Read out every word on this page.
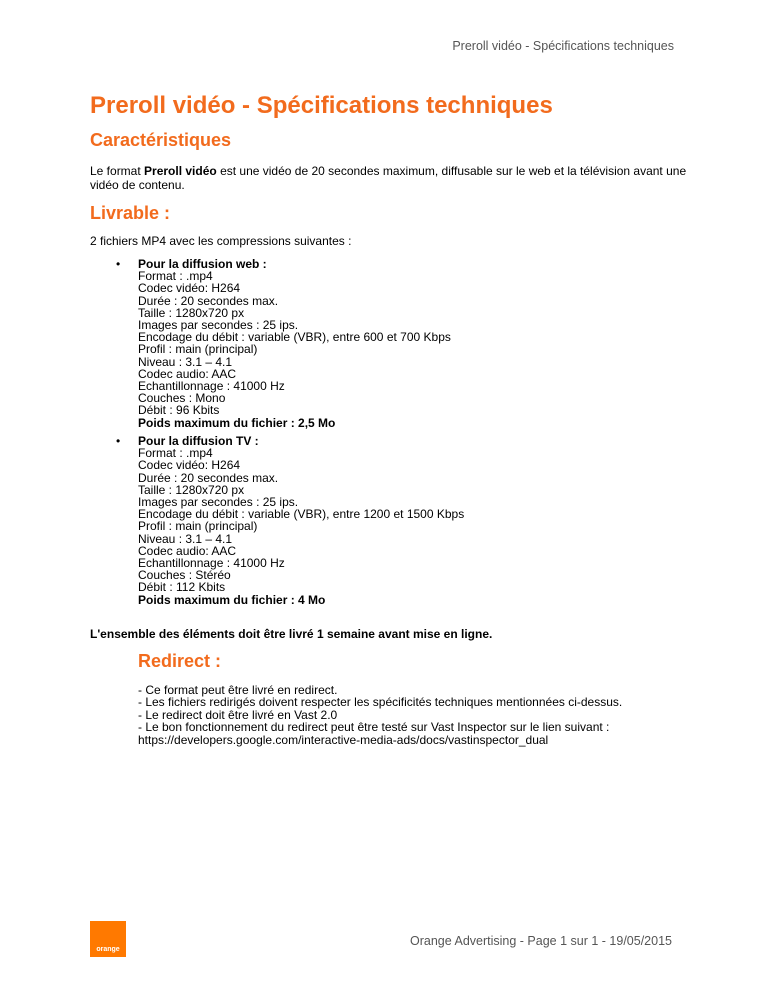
Preroll vidéo - Spécifications techniques
Preroll vidéo - Spécifications techniques
Caractéristiques
Le format Preroll vidéo est une vidéo de 20 secondes maximum, diffusable sur le web et la télévision avant une vidéo de contenu.
Livrable :
2 fichiers MP4 avec les compressions suivantes :
• Pour la diffusion web :
Format : .mp4
Codec vidéo: H264
Durée : 20 secondes max.
Taille : 1280x720 px
Images par secondes : 25 ips.
Encodage du débit : variable (VBR), entre 600 et 700 Kbps
Profil : main (principal)
Niveau : 3.1 – 4.1
Codec audio: AAC
Echantillonnage : 41000 Hz
Couches : Mono
Débit : 96 Kbits
Poids maximum du fichier : 2,5 Mo
• Pour la diffusion TV :
Format : .mp4
Codec vidéo: H264
Durée : 20 secondes max.
Taille : 1280x720 px
Images par secondes : 25 ips.
Encodage du débit : variable (VBR), entre 1200 et 1500 Kbps
Profil : main (principal)
Niveau : 3.1 – 4.1
Codec audio: AAC
Echantillonnage : 41000 Hz
Couches : Stéréo
Débit : 112 Kbits
Poids maximum du fichier : 4 Mo
L'ensemble des éléments doit être livré 1 semaine avant mise en ligne.
Redirect :
- Ce format peut être livré en redirect.
- Les fichiers redirigés doivent respecter les spécificités techniques mentionnées ci-dessus.
- Le redirect doit être livré en Vast 2.0
- Le bon fonctionnement du redirect peut être testé sur Vast Inspector sur le lien suivant :
https://developers.google.com/interactive-media-ads/docs/vastinspector_dual
orange
Orange Advertising - Page 1 sur 1 - 19/05/2015
